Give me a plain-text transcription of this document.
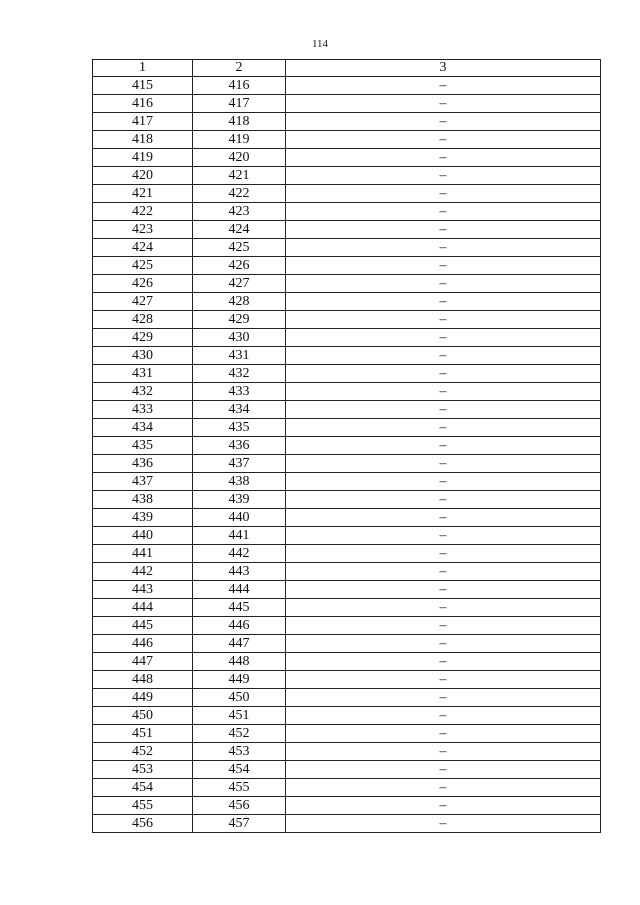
114
1	2	3
415	416	–
416	417	–
417	418	–
418	419	–
419	420	–
420	421	–
421	422	–
422	423	–
423	424	–
424	425	–
425	426	–
426	427	–
427	428	–
428	429	–
429	430	–
430	431	–
431	432	–
432	433	–
433	434	–
434	435	–
435	436	–
436	437	–
437	438	–
438	439	–
439	440	–
440	441	–
441	442	–
442	443	–
443	444	–
444	445	–
445	446	–
446	447	–
447	448	–
448	449	–
449	450	–
450	451	–
451	452	–
452	453	–
453	454	–
454	455	–
455	456	–
456	457	–
